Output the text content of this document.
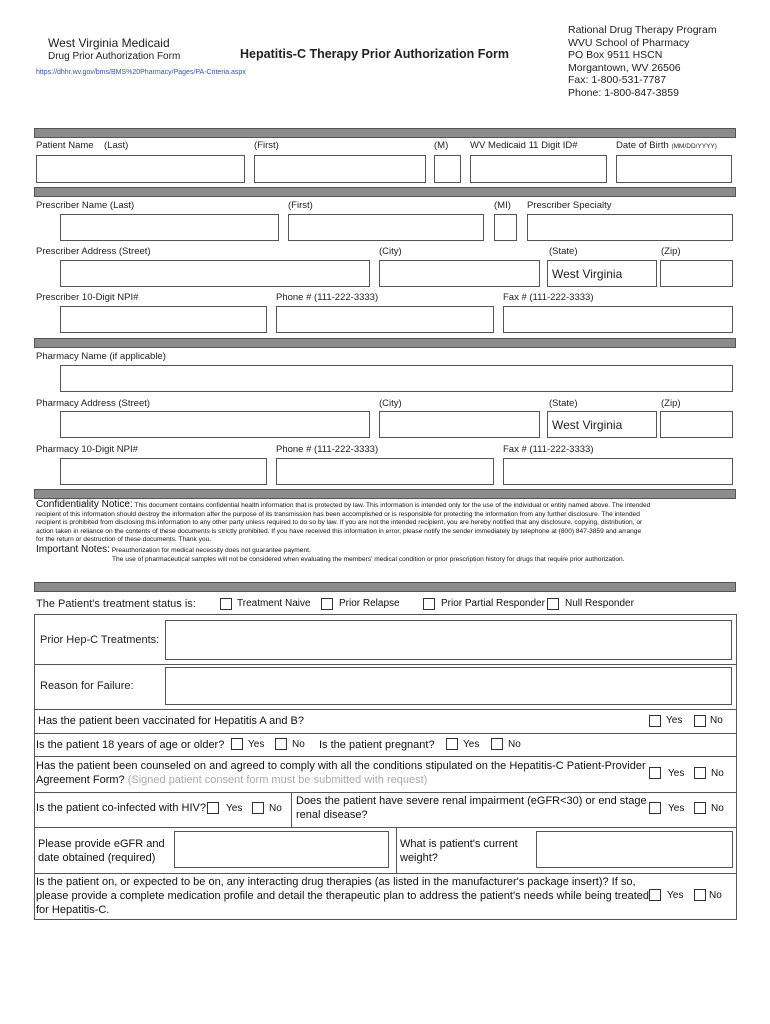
West Virginia Medicaid
Drug Prior Authorization Form
https://dhhr.wv.gov/bms/BMS%20Pharmacy/Pages/PA-Criteria.aspx
Hepatitis-C Therapy Prior Authorization Form
Rational Drug Therapy Program
WVU School of Pharmacy
PO Box 9511 HSCN
Morgantown, WV 26506
Fax: 1-800-531-7787
Phone: 1-800-847-3859
Patient Name (Last)	(First)	(M) WV Medicaid 11 Digit ID#	Date of Birth (MM/DD/YYYY)
Prescriber Name (Last)	(First)	(MI) Prescriber Specialty
Prescriber Address (Street)	(City)	(State)	(Zip)
West Virginia
Prescriber 10-Digit NPI#	Phone # (111-222-3333)	Fax # (111-222-3333)
Pharmacy Name (if applicable)
Pharmacy Address (Street)	(City)	(State)	(Zip)
West Virginia
Pharmacy 10-Digit NPI#	Phone # (111-222-3333)	Fax # (111-222-3333)
Confidentiality Notice: This document contains confidential health information that is protected by law. This information is intended only for the use of the individual or entity named above. The intended
recipient of this information should destroy the information after the purpose of its transmission has been accomplished or is responsible for protecting the information from any further disclosure. The intended
recipient is prohibited from disclosing this information to any other party unless required to do so by law. If you are not the intended recipient, you are hereby notified that any disclosure, copying, distribution, or
action taken in reliance on the contents of these documents is strictly prohibited. If you have received this information in error, please notify the sender immediately by telephone at (800) 847-3859 and arrange
for the return or destruction of these documents. Thank you.
Important Notes: Preauthorization for medical necessity does not guarantee payment.
The use of pharmaceutical samples will not be considered when evaluating the members' medical condition or prior prescription history for drugs that require prior authorization.
The Patient's treatment status is:	Treatment Naive	Prior Relapse	Prior Partial Responder Null Responder
Prior Hep-C Treatments:
Reason for Failure:
Has the patient been vaccinated for Hepatitis A and B?	Yes	No
Is the patient 18 years of age or older? Yes	No Is the patient pregnant?	Yes	No
Has the patient been counseled on and agreed to comply with all the conditions stipulated on the Hepatitis-C Patient-Provider
Agreement Form? (Signed patient consent form must be submitted with request)
Yes	No
Is the patient co-infected with HIV? Yes	No
Does the patient have severe renal impairment (eGFR<30) or end stage
renal disease?
Yes	No
Please provide eGFR and
date obtained (required)
What is patient's current
weight?
Is the patient on, or expected to be on, any interacting drug therapies (as listed in the manufacturer's package insert)? If so,
please provide a complete medication profile and detail the therapeutic plan to address the patient's needs while being treated
for Hepatitis-C.
Yes	No
